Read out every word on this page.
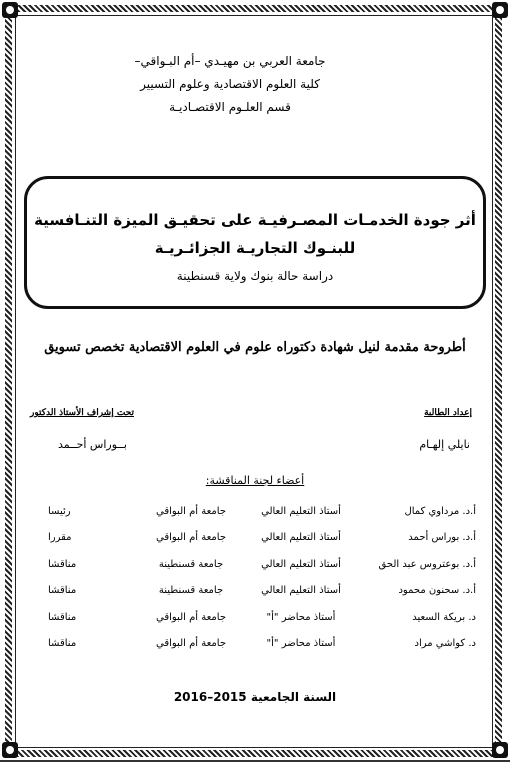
جامعة العربي بن مهيـدي –أم البـواقي–
كلية العلوم الاقتصادية وعلوم التسيير
قسم العلـوم الاقتصـاديـة
أثر جودة الخدمـات المصـرفيـة على تحقيـق الميزة التنـافسية
للبنـوك التجاريـة الجزائـريـة
دراسة حالة بنوك ولاية قسنطينة
أطروحة مقدمة لنيل شهادة دكتوراه علوم في العلوم الاقتصادية تخصص تسويق
إعداد الطالبة
نايلي إلهـام
تحت إشراف الأستاذ الدكتور
بــوراس أحــمد
أعضاء لجنة المناقشة:
أ.د. مرداوي كمال	أستاذ التعليم العالي	جامعة أم البواقي	رئيسا
أ.د. بوراس أحمد	أستاذ التعليم العالي	جامعة أم البواقي	مقررا
أ.د. بوعتروس عبد الحق	أستاذ التعليم العالي	جامعة قسنطينة	مناقشا
أ.د. سحنون محمود	أستاذ التعليم العالي	جامعة قسنطينة	مناقشا
د. بريكة السعيد	أستاذ محاضر "أ"	جامعة أم البواقي	مناقشا
د. كواشي مراد	أستاذ محاضر "أ"	جامعة أم البواقي	مناقشا
السنة الجامعية 2015–2016
